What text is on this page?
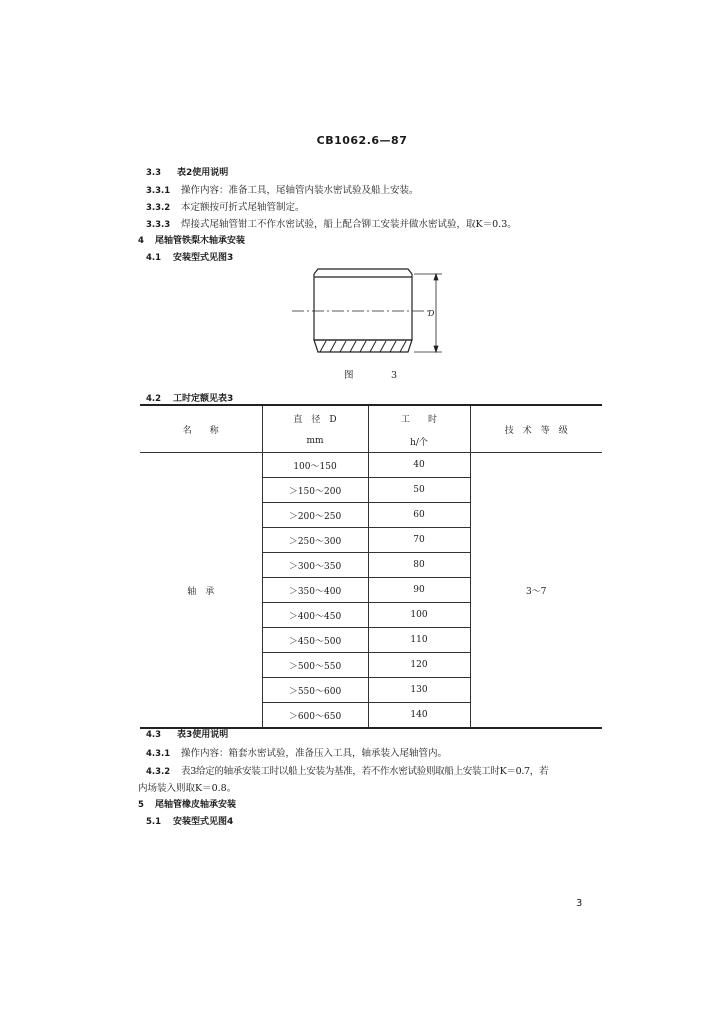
CB1062.6—87
3.3 表2使用说明
3.3.1 操作内容：准备工具，尾轴管内装水密试验及船上安装。
3.3.2 本定额按可折式尾轴管制定。
3.3.3 焊接式尾轴管钳工不作水密试验，船上配合铆工安装并做水密试验，取K＝0.3。
4 尾轴管铁梨木轴承安装
4.1 安装型式见图3
D
图　3
4.2 工时定额见表3
名　　称	直　径　D	工　　时	技　术　等　级
	mm	h/个	
轴　承	100～150	40	3～7
	＞150～200	50	
	＞200～250	60	
	＞250～300	70	
	＞300～350	80	
	＞350～400	90	
	＞400～450	100	
	＞450～500	110	
	＞500～550	120	
	＞550～600	130	
	＞600～650	140	
4.3 表3使用说明
4.3.1 操作内容：箱套水密试验，准备压入工具，轴承装入尾轴管内。
4.3.2 表3给定的轴承安装工时以船上安装为基准，若不作水密试验则取船上安装工时K＝0.7，若
内场装入则取K＝0.8。
5 尾轴管橡皮轴承安装
5.1 安装型式见图4
3
